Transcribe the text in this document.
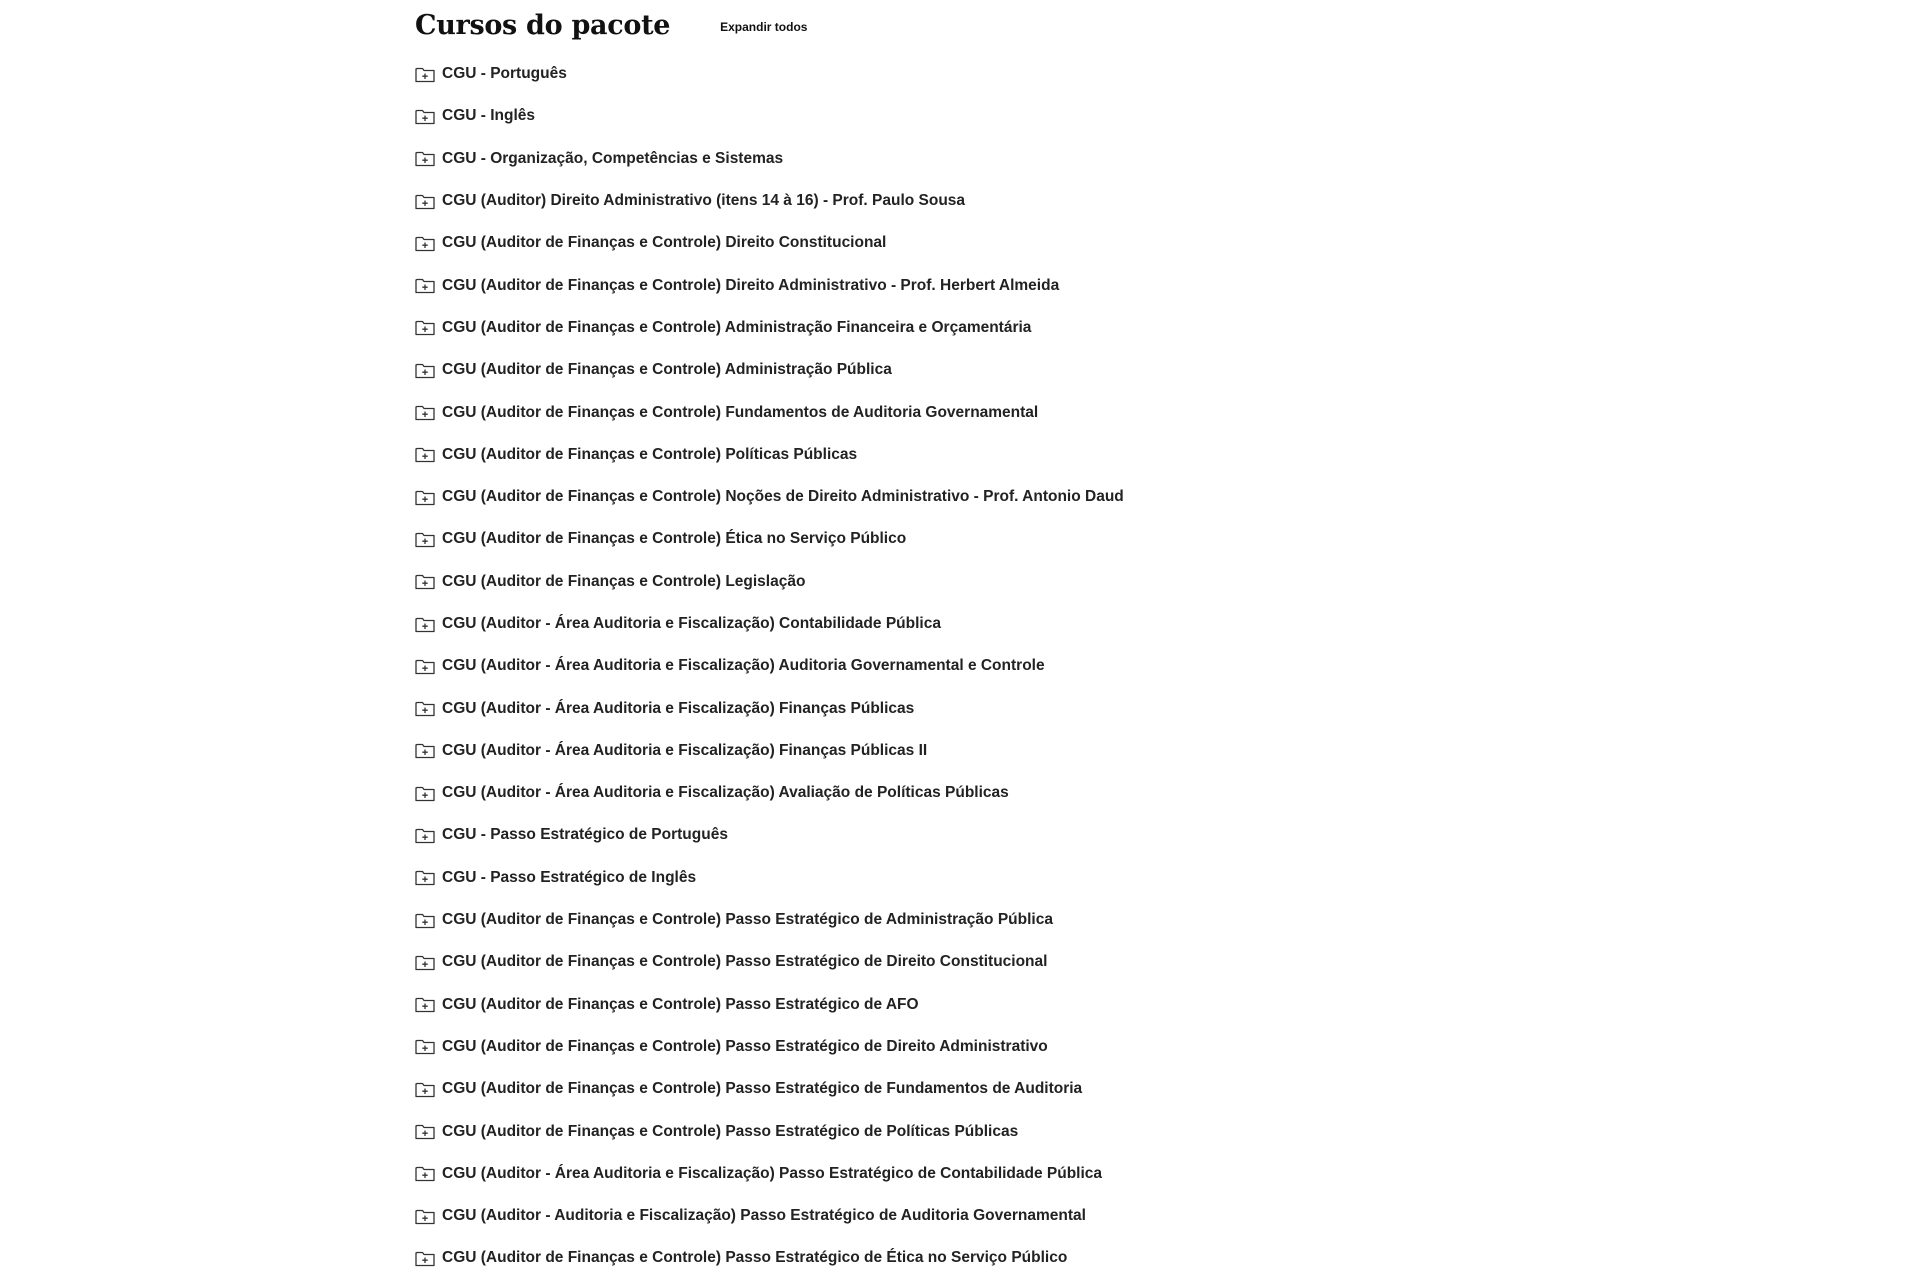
Cursos do pacote	Expandir todos
CGU - Português
CGU - Inglês
CGU - Organização, Competências e Sistemas
CGU (Auditor) Direito Administrativo (itens 14 à 16) - Prof. Paulo Sousa
CGU (Auditor de Finanças e Controle) Direito Constitucional
CGU (Auditor de Finanças e Controle) Direito Administrativo - Prof. Herbert Almeida
CGU (Auditor de Finanças e Controle) Administração Financeira e Orçamentária
CGU (Auditor de Finanças e Controle) Administração Pública
CGU (Auditor de Finanças e Controle) Fundamentos de Auditoria Governamental
CGU (Auditor de Finanças e Controle) Políticas Públicas
CGU (Auditor de Finanças e Controle) Noções de Direito Administrativo - Prof. Antonio Daud
CGU (Auditor de Finanças e Controle) Ética no Serviço Público
CGU (Auditor de Finanças e Controle) Legislação
CGU (Auditor - Área Auditoria e Fiscalização) Contabilidade Pública
CGU (Auditor - Área Auditoria e Fiscalização) Auditoria Governamental e Controle
CGU (Auditor - Área Auditoria e Fiscalização) Finanças Públicas
CGU (Auditor - Área Auditoria e Fiscalização) Finanças Públicas II
CGU (Auditor - Área Auditoria e Fiscalização) Avaliação de Políticas Públicas
CGU - Passo Estratégico de Português
CGU - Passo Estratégico de Inglês
CGU (Auditor de Finanças e Controle) Passo Estratégico de Administração Pública
CGU (Auditor de Finanças e Controle) Passo Estratégico de Direito Constitucional
CGU (Auditor de Finanças e Controle) Passo Estratégico de AFO
CGU (Auditor de Finanças e Controle) Passo Estratégico de Direito Administrativo
CGU (Auditor de Finanças e Controle) Passo Estratégico de Fundamentos de Auditoria
CGU (Auditor de Finanças e Controle) Passo Estratégico de Políticas Públicas
CGU (Auditor - Área Auditoria e Fiscalização) Passo Estratégico de Contabilidade Pública
CGU (Auditor - Auditoria e Fiscalização) Passo Estratégico de Auditoria Governamental
CGU (Auditor de Finanças e Controle) Passo Estratégico de Ética no Serviço Público
